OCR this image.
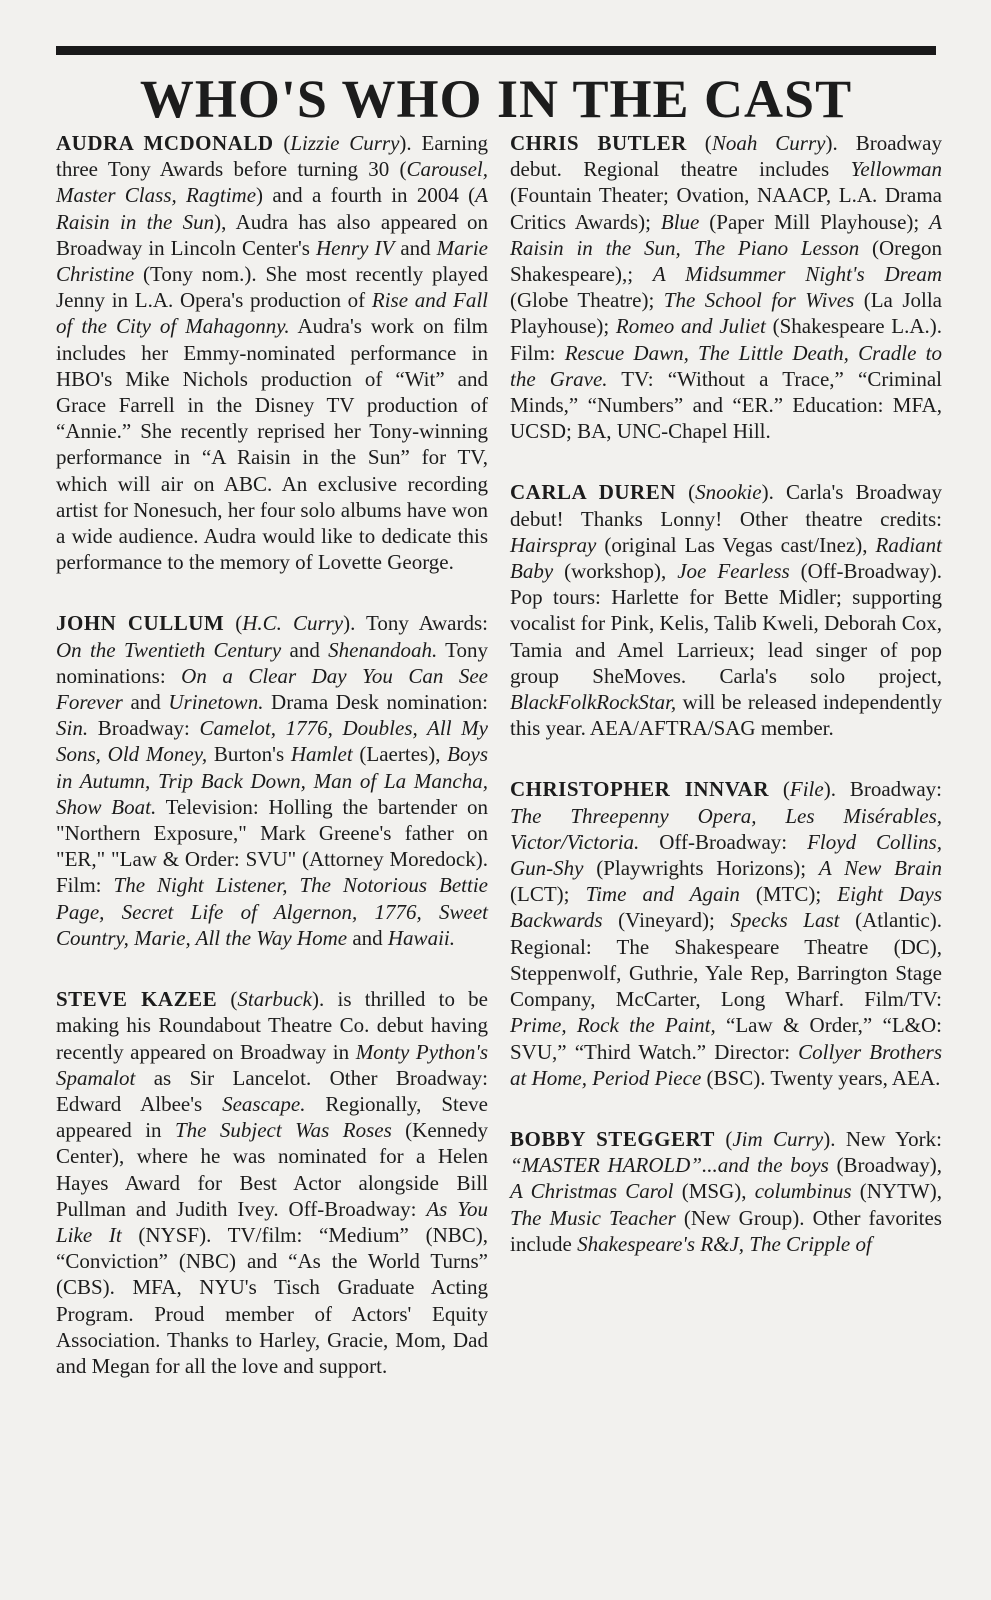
WHO'S WHO IN THE CAST

AUDRA MCDONALD (Lizzie Curry). Earning three Tony Awards before turning 30 (Carousel, Master Class, Ragtime) and a fourth in 2004 (A Raisin in the Sun), Audra has also appeared on Broadway in Lincoln Center's Henry IV and Marie Christine (Tony nom.). She most recently played Jenny in L.A. Opera's production of Rise and Fall of the City of Mahagonny. Audra's work on film includes her Emmy-nominated performance in HBO's Mike Nichols production of “Wit” and Grace Farrell in the Disney TV production of “Annie.” She recently reprised her Tony-winning performance in “A Raisin in the Sun” for TV, which will air on ABC. An exclusive recording artist for Nonesuch, her four solo albums have won a wide audience. Audra would like to dedicate this performance to the memory of Lovette George.

JOHN CULLUM (H.C. Curry). Tony Awards: On the Twentieth Century and Shenandoah. Tony nominations: On a Clear Day You Can See Forever and Urinetown. Drama Desk nomination: Sin. Broadway: Camelot, 1776, Doubles, All My Sons, Old Money, Burton's Hamlet (Laertes), Boys in Autumn, Trip Back Down, Man of La Mancha, Show Boat. Television: Holling the bartender on "Northern Exposure," Mark Greene's father on "ER," "Law & Order: SVU" (Attorney Moredock). Film: The Night Listener, The Notorious Bettie Page, Secret Life of Algernon, 1776, Sweet Country, Marie, All the Way Home and Hawaii.

STEVE KAZEE (Starbuck). is thrilled to be making his Roundabout Theatre Co. debut having recently appeared on Broadway in Monty Python's Spamalot as Sir Lancelot. Other Broadway: Edward Albee's Seascape. Regionally, Steve appeared in The Subject Was Roses (Kennedy Center), where he was nominated for a Helen Hayes Award for Best Actor alongside Bill Pullman and Judith Ivey. Off-Broadway: As You Like It (NYSF). TV/film: “Medium” (NBC), “Conviction” (NBC) and “As the World Turns” (CBS). MFA, NYU's Tisch Graduate Acting Program. Proud member of Actors' Equity Association. Thanks to Harley, Gracie, Mom, Dad and Megan for all the love and support.

CHRIS BUTLER (Noah Curry). Broadway debut. Regional theatre includes Yellowman (Fountain Theater; Ovation, NAACP, L.A. Drama Critics Awards); Blue (Paper Mill Playhouse); A Raisin in the Sun, The Piano Lesson (Oregon Shakespeare),; A Midsummer Night's Dream (Globe Theatre); The School for Wives (La Jolla Playhouse); Romeo and Juliet (Shakespeare L.A.). Film: Rescue Dawn, The Little Death, Cradle to the Grave. TV: “Without a Trace,” “Criminal Minds,” “Numbers” and “ER.” Education: MFA, UCSD; BA, UNC-Chapel Hill.

CARLA DUREN (Snookie). Carla's Broadway debut! Thanks Lonny! Other theatre credits: Hairspray (original Las Vegas cast/Inez), Radiant Baby (workshop), Joe Fearless (Off-Broadway). Pop tours: Harlette for Bette Midler; supporting vocalist for Pink, Kelis, Talib Kweli, Deborah Cox, Tamia and Amel Larrieux; lead singer of pop group SheMoves. Carla's solo project, BlackFolkRockStar, will be released independently this year. AEA/AFTRA/SAG member.

CHRISTOPHER INNVAR (File). Broadway: The Threepenny Opera, Les Misérables, Victor/Victoria. Off-Broadway: Floyd Collins, Gun-Shy (Playwrights Horizons); A New Brain (LCT); Time and Again (MTC); Eight Days Backwards (Vineyard); Specks Last (Atlantic). Regional: The Shakespeare Theatre (DC), Steppenwolf, Guthrie, Yale Rep, Barrington Stage Company, McCarter, Long Wharf. Film/TV: Prime, Rock the Paint, “Law & Order,” “L&O: SVU,” “Third Watch.” Director: Collyer Brothers at Home, Period Piece (BSC). Twenty years, AEA.

BOBBY STEGGERT (Jim Curry). New York: “MASTER HAROLD”...and the boys (Broadway), A Christmas Carol (MSG), columbinus (NYTW), The Music Teacher (New Group). Other favorites include Shakespeare's R&J, The Cripple of
